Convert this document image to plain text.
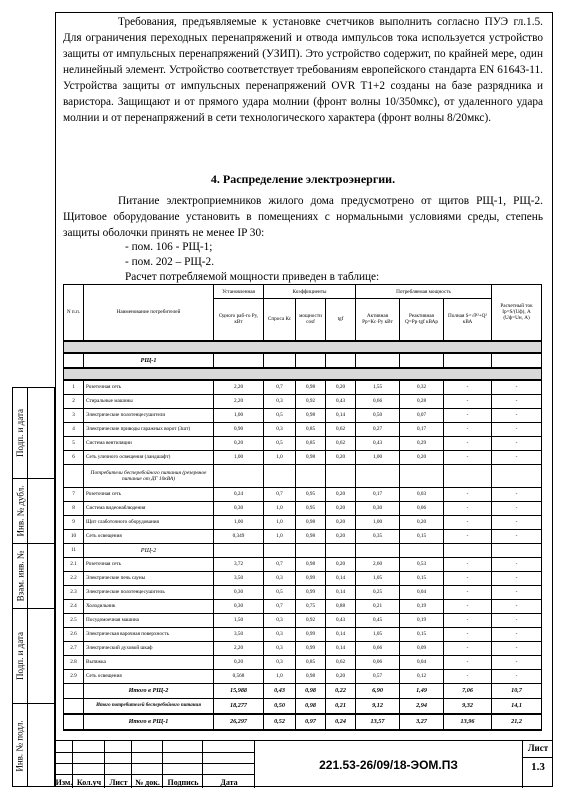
Подп. и дата
Инв. № дубл.
Взам. инв. №
Подп. и дата
Инв. № подл.

Требования, предъявляемые к установке счетчиков выполнить согласно ПУЭ гл.1.5. Для ограничения переходных перенапряжений и отвода импульсов тока используется устройство защиты от импульсных перенапряжений (УЗИП). Это устройство содержит, по крайней мере, один нелинейный элемент. Устройство соответствует требованиям европейского стандарта EN 61643-11. Устройства защиты от импульсных перенапряжений OVR T1+2 созданы на базе разрядника и варистора. Защищают и от прямого удара молнии (фронт волны 10/350мкс), от удаленного удара молнии и от перенапряжений в сети технологического характера (фронт волны 8/20мкс).

4. Распределение электроэнергии.

Питание электроприемников жилого дома предусмотрено от щитов РЩ-1, РЩ-2. Щитовое оборудование установить в помещениях с нормальными условиями среды, степень защиты оболочки принять не менее IP 30:

- пом. 106 - РЩ-1;
- пом. 202 – РЩ-2.
Расчет потребляемой мощности приведен в таблице:
N п.п.	Наименование потребителей	Установленная	Коэффициенты			Потребляемая мощность			Расчетный ток Iр=S/(Uф), А (Uф=Uн, А)
		Одного раб-го Ру, кВт	Спроса Кс	мощности cosf	tgf	Активная Рр=Кс·Ру кВт	Реактивная Q=Рр·tgf кВАр	Полная S=√P²+Q² кВА	

	РЩ-1								

1	Розеточная сеть	2,20	0,7	0,98	0,20	1,55	0,32	-	-
2	Стиральные машины	2,20	0,3	0,92	0,43	0,66	0,28	-	-
3	Электрические полотенцесушители	1,00	0,5	0,98	0,14	0,50	0,07	-	-
4	Электрические приводы гаражных ворот (3шт)	0,90	0,3	0,85	0,62	0,27	0,17	-	-
5	Система вентиляции	0,20	0,5	0,85	0,62	0,43	0,29	-	-
6	Сеть уличного освещения (ландшафт)	1,00	1,0	0,98	0,20	1,00	0,20	-	-
	Потребители бесперебойного питания (резервное питание от ДГ 10кВА)								
7	Розеточная сеть	0,24	0,7	0,95	0,20	0,17	0,03	-	-
8	Система видеонаблюдения	0,30	1,0	0,95	0,20	0,30	0,06	-	-
9	Щит слаботочного оборудования	1,00	1,0	0,98	0,20	1,00	0,20	-	-
10	Сеть освещения	0,349	1,0	0,98	0,20	0,35	0,15	-	-
11	РЩ-2								
2.1	Розеточная сеть	3,72	0,7	0,98	0,20	2,60	0,53	-	-
2.2	Электрические печь сауны	3,50	0,3	0,99	0,14	1,05	0,15	-	-
2.3	Электрические полотенцесушитель	0,30	0,5	0,99	0,14	0,25	0,04	-	-
2.4	Холодильник	0,30	0,7	0,75	0,88	0,21	0,19	-	-
2.5	Посудомоечная машина	1,50	0,3	0,92	0,43	0,45	0,19	-	-
2.6	Электрическая варочная поверхность	3,50	0,3	0,99	0,14	1,05	0,15	-	-
2.7	Электрический духовой шкаф	2,20	0,3	0,99	0,14	0,66	0,09	-	-
2.8	Вытяжка	0,20	0,3	0,85	0,62	0,06	0,04	-	-
2.9	Сеть освещения	0,568	1,0	0,98	0,20	0,57	0,12	-	-
	Итого в РЩ-2	15,988	0,43	0,98	0,22	6,90	1,49	7,06	10,7
	Итого потребителей бесперебойного питания	18,277	0,50	0,98	0,21	9,12	2,94	9,32	14,1
	Итого в РЩ-1	26,297	0,52	0,97	0,24	13,57	3,27	13,96	21,2
Изм. Кол.уч	Лист № док. Подпись	Дата
221.53-26/09/18-ЭОМ.ПЗ
Лист
1.3
